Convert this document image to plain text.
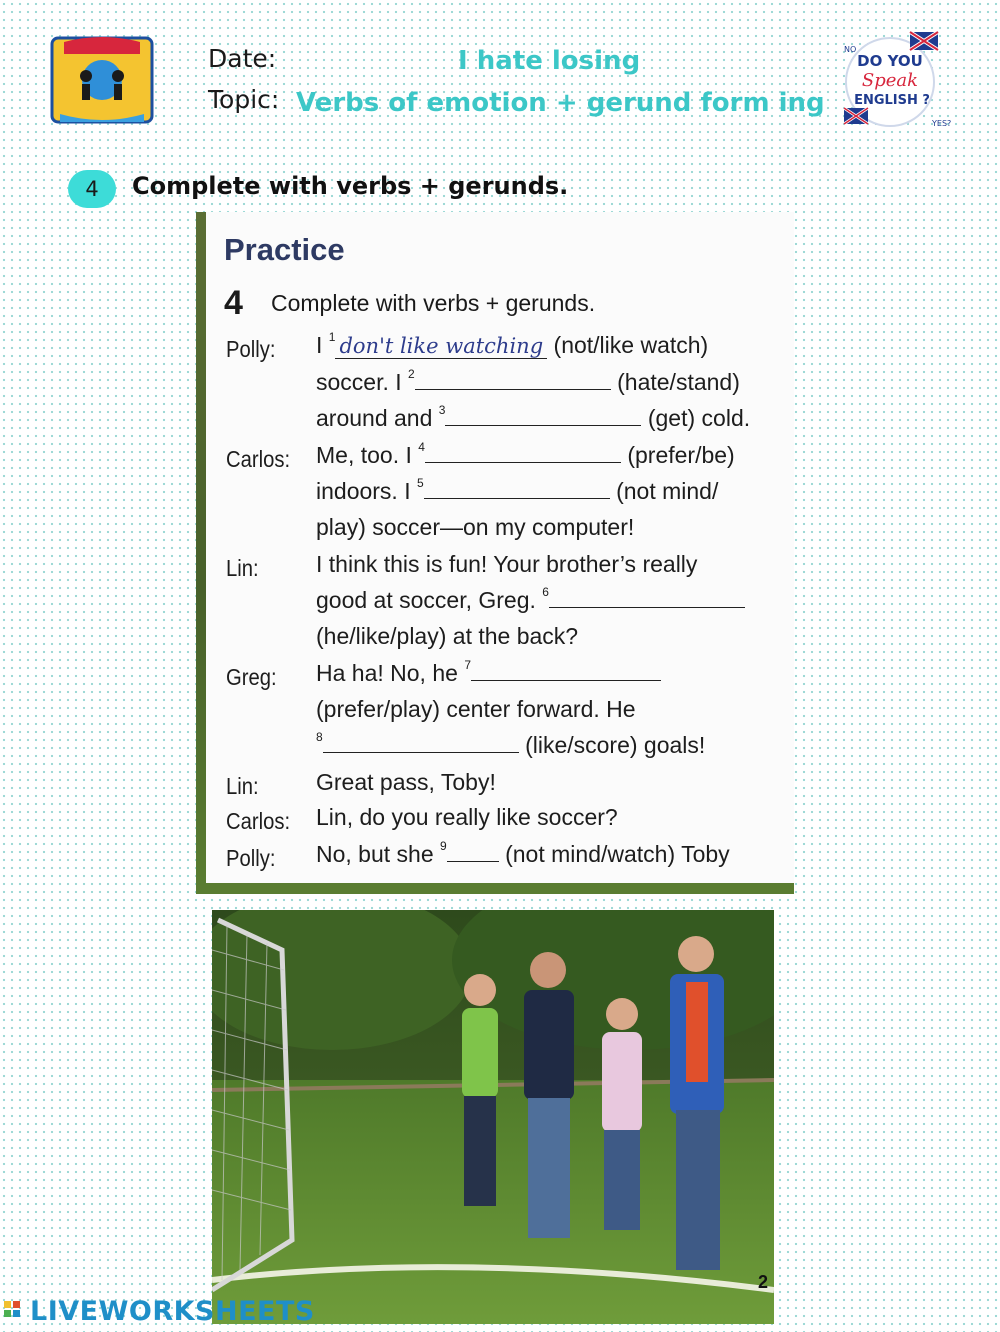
Date:	I hate losing
Topic: Verbs of emotion + gerund form ing
NO
YES?
DO YOU
Speak
ENGLISH ?
4	Complete with verbs + gerunds.
Practice
4 Complete with verbs + gerunds.
Polly: I $^1$ don't like watching (not/like watch)
soccer. I $^2$	(hate/stand)
around and $^3$	(get) cold.
Carlos: Me, too. I $^4$	(prefer/be)
indoors. I $^5$	(not mind/
play) soccer—on my computer!
Lin: I think this is fun! Your brother’s really
good at soccer, Greg. $^6$
(he/like/play) at the back?
Greg: Ha ha! No, he $^7$
(prefer/play) center forward. He
$^8$	(like/score) goals!
Lin: Great pass, Toby!
Carlos: Lin, do you really like soccer?
Polly: No, but she $^9$ (not mind/watch) Toby
2
LIVEWORKSHEETS
